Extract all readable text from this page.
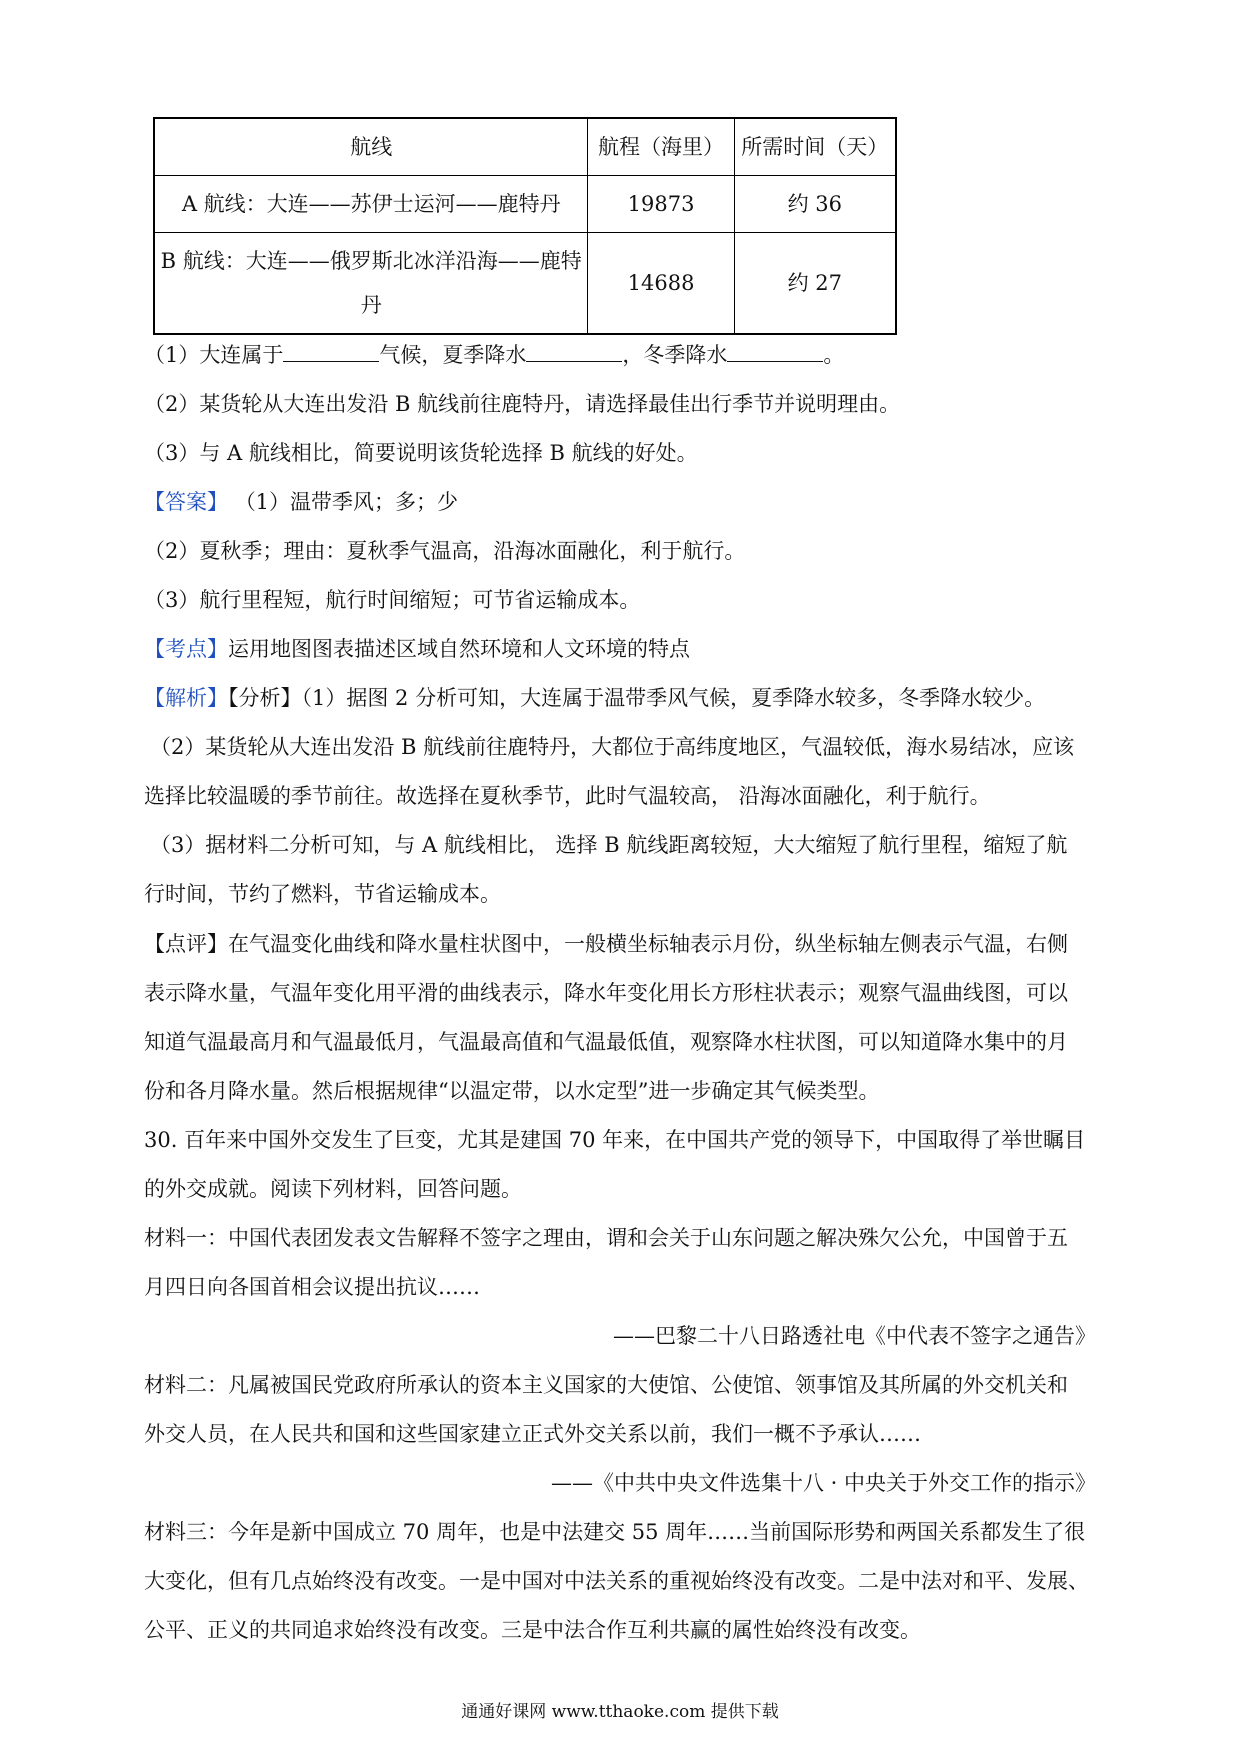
航线	航程（海里）	所需时间（天）
A 航线：大连——苏伊士运河——鹿特丹	19873	约 36
B 航线：大连——俄罗斯北冰洋沿海——鹿特丹	14688	约 27
（1）大连属于	气候，夏季降水	，冬季降水	。
（2）某货轮从大连出发沿 B 航线前往鹿特丹，请选择最佳出行季节并说明理由。
（3）与 A 航线相比，简要说明该货轮选择 B 航线的好处。
【答案】 （1）温带季风；多；少
（2）夏秋季；理由：夏秋季气温高，沿海冰面融化，利于航行。
（3）航行里程短，航行时间缩短；可节省运输成本。
【考点】运用地图图表描述区域自然环境和人文环境的特点
【解析】【分析】（1）据图 2 分析可知，大连属于温带季风气候，夏季降水较多，冬季降水较少。
（2）某货轮从大连出发沿 B 航线前往鹿特丹，大都位于高纬度地区，气温较低，海水易结冰，应该
选择比较温暖的季节前往。故选择在夏秋季节，此时气温较高， 沿海冰面融化，利于航行。
（3）据材料二分析可知，与 A 航线相比， 选择 B 航线距离较短，大大缩短了航行里程，缩短了航
行时间，节约了燃料，节省运输成本。
【点评】在气温变化曲线和降水量柱状图中，一般横坐标轴表示月份，纵坐标轴左侧表示气温，右侧
表示降水量，气温年变化用平滑的曲线表示，降水年变化用长方形柱状表示；观察气温曲线图，可以
知道气温最高月和气温最低月，气温最高值和气温最低值，观察降水柱状图，可以知道降水集中的月
份和各月降水量。然后根据规律“以温定带，以水定型”进一步确定其气候类型。
30. 百年来中国外交发生了巨变，尤其是建国 70 年来，在中国共产党的领导下，中国取得了举世瞩目
的外交成就。阅读下列材料，回答问题。
材料一：中国代表团发表文告解释不签字之理由，谓和会关于山东问题之解决殊欠公允，中国曾于五
月四日向各国首相会议提出抗议……
——巴黎二十八日路透社电《中代表不签字之通告》
材料二：凡属被国民党政府所承认的资本主义国家的大使馆、公使馆、领事馆及其所属的外交机关和
外交人员，在人民共和国和这些国家建立正式外交关系以前，我们一概不予承认……
——《中共中央文件选集十八 · 中央关于外交工作的指示》
材料三：今年是新中国成立 70 周年，也是中法建交 55 周年……当前国际形势和两国关系都发生了很
大变化，但有几点始终没有改变。一是中国对中法关系的重视始终没有改变。二是中法对和平、发展、
公平、正义的共同追求始终没有改变。三是中法合作互利共赢的属性始终没有改变。
通通好课网 www.tthaoke.com 提供下载
